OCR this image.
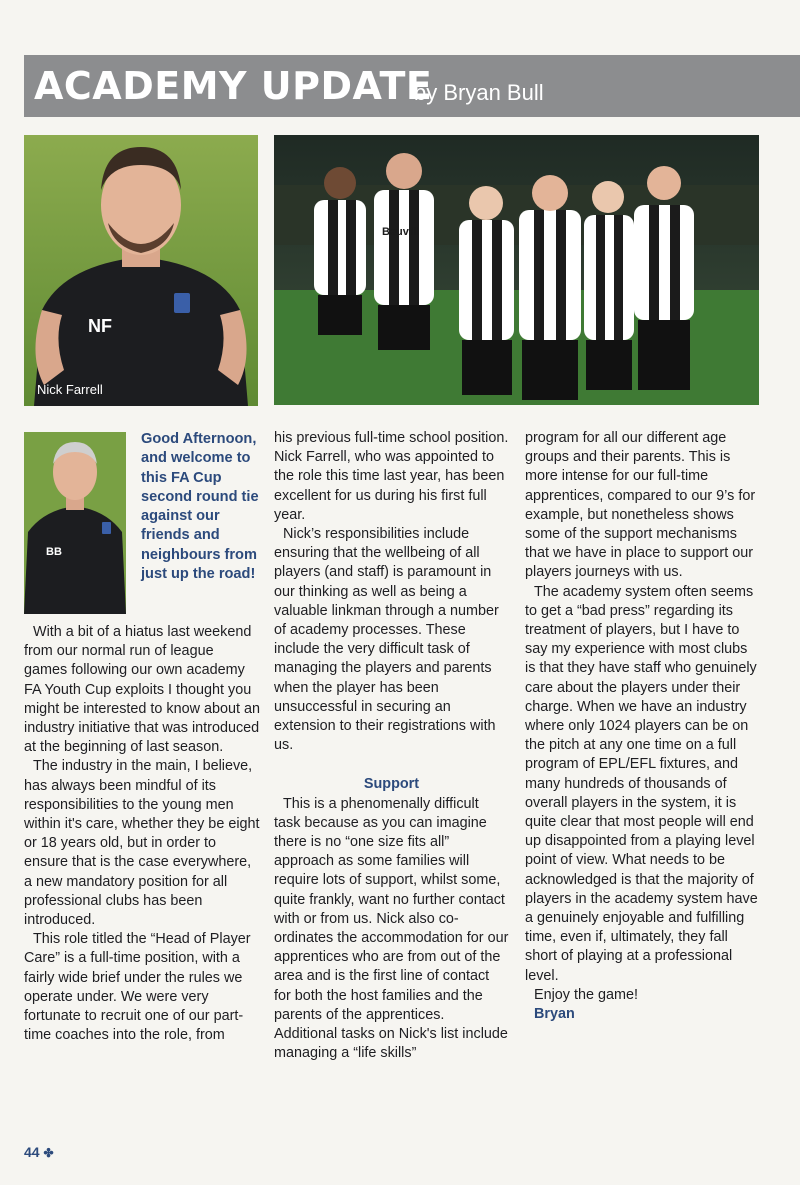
ACADEMY UPDATE
by Bryan Bull
NF
Nick Farrell
Bauvill
BB
Good Afternoon, and welcome to this FA Cup second round tie against our friends and neighbours from just up the road!

With a bit of a hiatus last weekend from our normal run of league games following our own academy FA Youth Cup exploits I thought you might be interested to know about an industry initiative that was introduced at the beginning of last season.

The industry in the main, I believe, has always been mindful of its responsibilities to the young men within it's care, whether they be eight or 18 years old, but in order to ensure that is the case everywhere, a new mandatory position for all professional clubs has been introduced.

This role titled the “Head of Player Care” is a full-time position, with a fairly wide brief under the rules we operate under. We were very fortunate to recruit one of our part-time coaches into the role, from

his previous full-time school position. Nick Farrell, who was appointed to the role this time last year, has been excellent for us during his first full year.

Nick’s responsibilities include ensuring that the wellbeing of all players (and staff) is paramount in our thinking as well as being a valuable linkman through a number of academy processes. These include the very difficult task of managing the players and parents when the player has been unsuccessful in securing an extension to their registrations with us.

Support

This is a phenomenally difficult task because as you can imagine there is no “one size fits all” approach as some families will require lots of support, whilst some, quite frankly, want no further contact with or from us. Nick also co-ordinates the accommodation for our apprentices who are from out of the area and is the first line of contact for both the host families and the parents of the apprentices. Additional tasks on Nick's list include managing a “life skills”

program for all our different age groups and their parents. This is more intense for our full-time apprentices, compared to our 9’s for example, but nonetheless shows some of the support mechanisms that we have in place to support our players journeys with us.

The academy system often seems to get a “bad press” regarding its treatment of players, but I have to say my experience with most clubs is that they have staff who genuinely care about the players under their charge. When we have an industry where only 1024 players can be on the pitch at any one time on a full program of EPL/EFL fixtures, and many hundreds of thousands of overall players in the system, it is quite clear that most people will end up disappointed from a playing level point of view. What needs to be acknowledged is that the majority of players in the academy system have a genuinely enjoyable and fulfilling time, even if, ultimately, they fall short of playing at a professional level.

Enjoy the game!

Bryan

44 ✤
